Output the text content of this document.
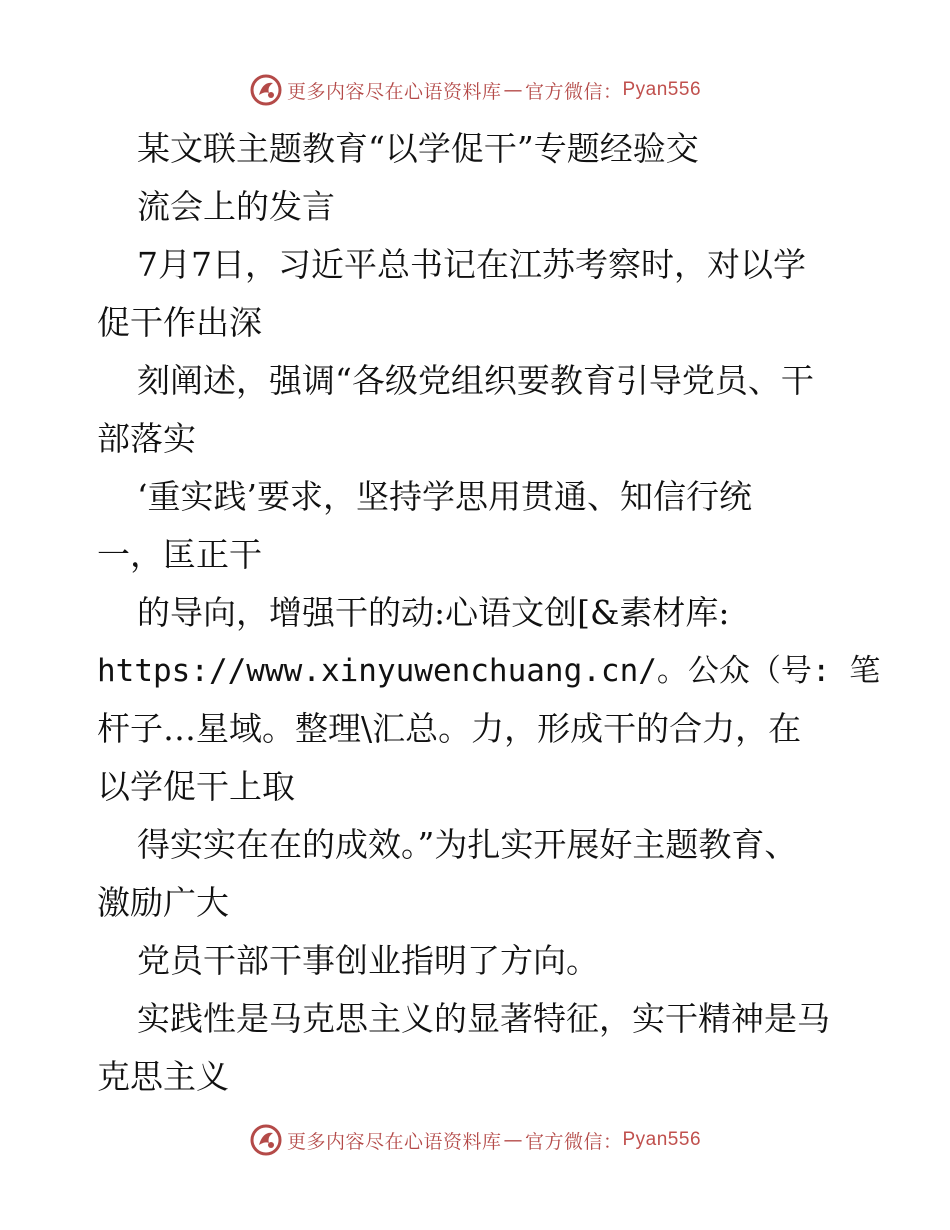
更多内容尽在心语资料库 — 官方微信： Pyan556
某文联主题教育“以学促干”专题经验交
流会上的发言
7月7日，习近平总书记在江苏考察时，对以学
促干作出深
刻阐述，强调“各级党组织要教育引导党员、干
部落实
‘重实践’要求，坚持学思用贯通、知信行统
一，匡正干
的导向，增强干的动:心语文创[&素材库:
https://www.xinyuwenchuang.cn/。公众（号: 笔
杆子…星域。整理\汇总。力，形成干的合力，在
以学促干上取
得实实在在的成效。”为扎实开展好主题教育、
激励广大
党员干部干事创业指明了方向。
实践性是马克思主义的显著特征，实干精神是马
克思主义
更多内容尽在心语资料库 — 官方微信： Pyan556
